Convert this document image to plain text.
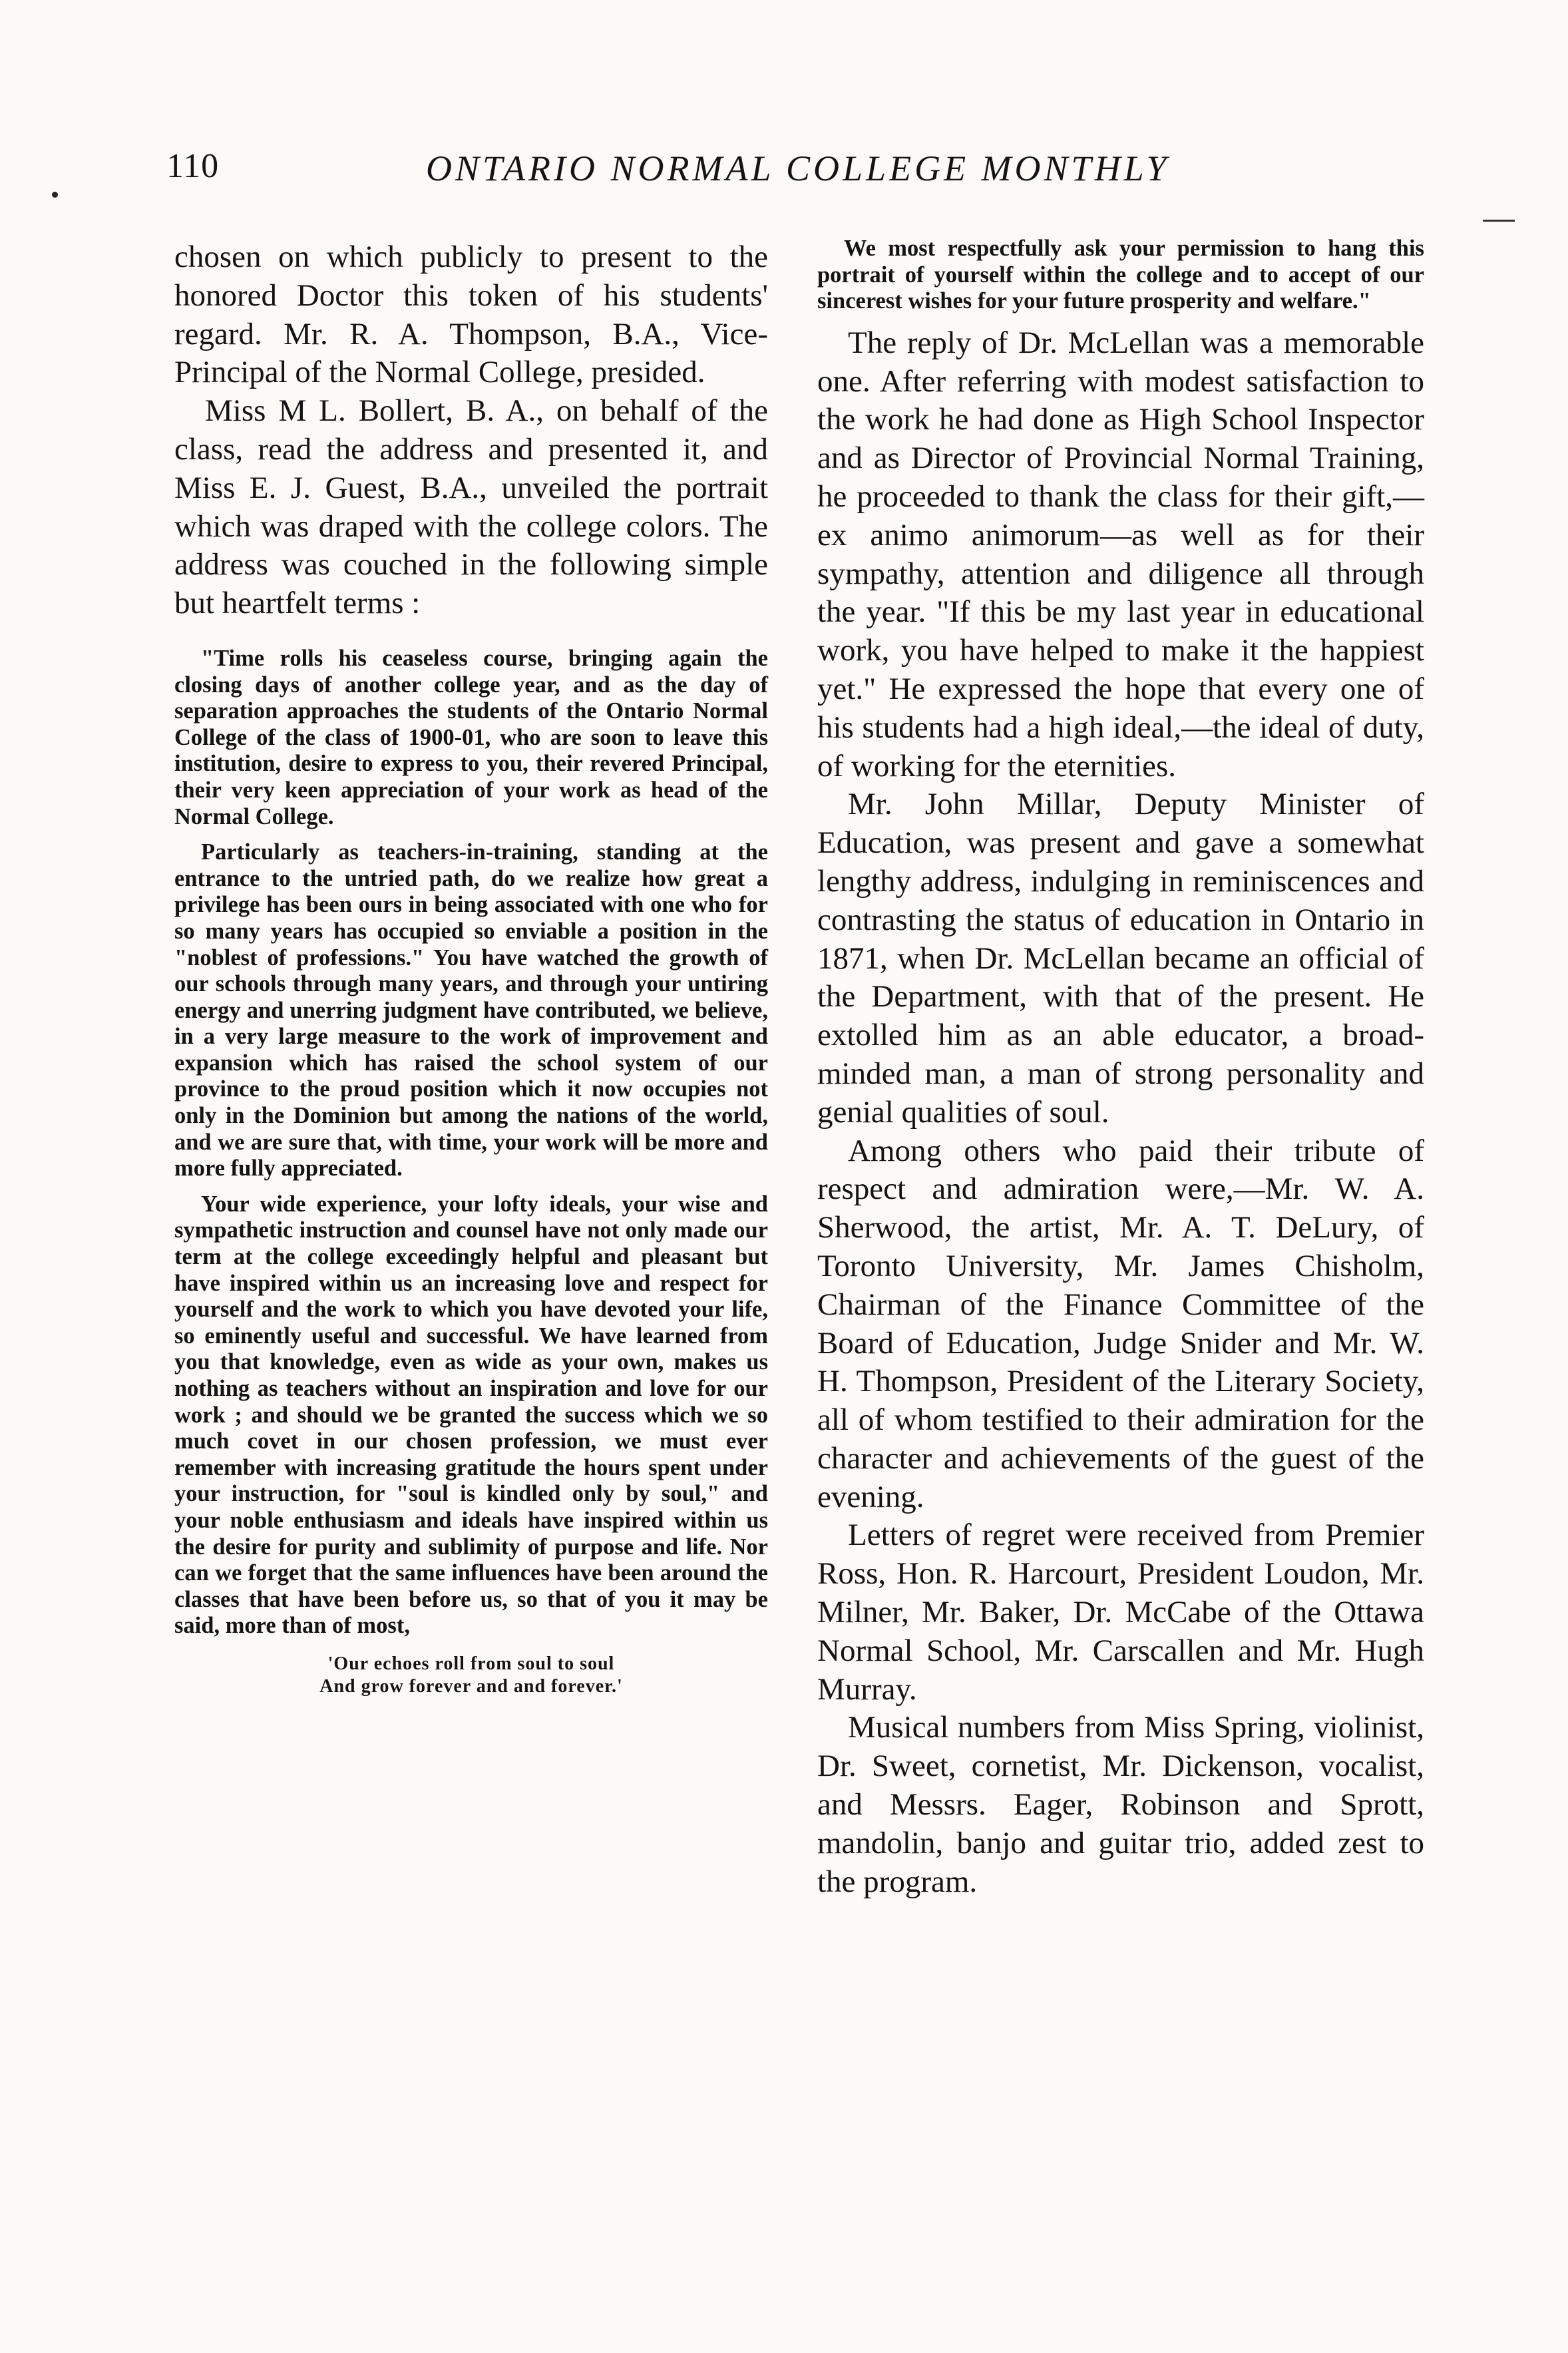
110	ONTARIO NORMAL COLLEGE MONTHLY

chosen on which publicly to present to the honored Doctor this token of his students' regard. Mr. R. A. Thompson, B.A., Vice-Principal of the Normal College, presided.

Miss M L. Bollert, B. A., on behalf of the class, read the address and presented it, and Miss E. J. Guest, B.A., unveiled the portrait which was draped with the college colors. The address was couched in the following simple but heartfelt terms :

"Time rolls his ceaseless course, bringing again the closing days of another college year, and as the day of separation approaches the students of the Ontario Normal College of the class of 1900-01, who are soon to leave this institution, desire to express to you, their revered Principal, their very keen appreciation of your work as head of the Normal College.

Particularly as teachers-in-training, standing at the entrance to the untried path, do we realize how great a privilege has been ours in being associated with one who for so many years has occupied so enviable a position in the "noblest of professions." You have watched the growth of our schools through many years, and through your untiring energy and unerring judgment have contributed, we believe, in a very large measure to the work of improvement and expansion which has raised the school system of our province to the proud position which it now occupies not only in the Dominion but among the nations of the world, and we are sure that, with time, your work will be more and more fully appreciated.

Your wide experience, your lofty ideals, your wise and sympathetic instruction and counsel have not only made our term at the college exceedingly helpful and pleasant but have inspired within us an increasing love and respect for yourself and the work to which you have devoted your life, so eminently useful and successful. We have learned from you that knowledge, even as wide as your own, makes us nothing as teachers without an inspiration and love for our work ; and should we be granted the success which we so much covet in our chosen profession, we must ever remember with increasing gratitude the hours spent under your instruction, for "soul is kindled only by soul," and your noble enthusiasm and ideals have inspired within us the desire for purity and sublimity of purpose and life. Nor can we forget that the same influences have been around the classes that have been before us, so that of you it may be said, more than of most,

'Our echoes roll from soul to soul
And grow forever and and forever.'

We most respectfully ask your permission to hang this portrait of yourself within the college and to accept of our sincerest wishes for your future prosperity and welfare."

The reply of Dr. McLellan was a memorable one. After referring with modest satisfaction to the work he had done as High School Inspector and as Director of Provincial Normal Training, he proceeded to thank the class for their gift,—ex animo animorum—as well as for their sympathy, attention and diligence all through the year. "If this be my last year in educational work, you have helped to make it the happiest yet." He expressed the hope that every one of his students had a high ideal,—the ideal of duty, of working for the eternities.

Mr. John Millar, Deputy Minister of Education, was present and gave a somewhat lengthy address, indulging in reminiscences and contrasting the status of education in Ontario in 1871, when Dr. McLellan became an official of the Department, with that of the present. He extolled him as an able educator, a broad-minded man, a man of strong personality and genial qualities of soul.

Among others who paid their tribute of respect and admiration were,—Mr. W. A. Sherwood, the artist, Mr. A. T. DeLury, of Toronto University, Mr. James Chisholm, Chairman of the Finance Committee of the Board of Education, Judge Snider and Mr. W. H. Thompson, President of the Literary Society, all of whom testified to their admiration for the character and achievements of the guest of the evening.

Letters of regret were received from Premier Ross, Hon. R. Harcourt, President Loudon, Mr. Milner, Mr. Baker, Dr. McCabe of the Ottawa Normal School, Mr. Carscallen and Mr. Hugh Murray.

Musical numbers from Miss Spring, violinist, Dr. Sweet, cornetist, Mr. Dickenson, vocalist, and Messrs. Eager, Robinson and Sprott, mandolin, banjo and guitar trio, added zest to the program.
